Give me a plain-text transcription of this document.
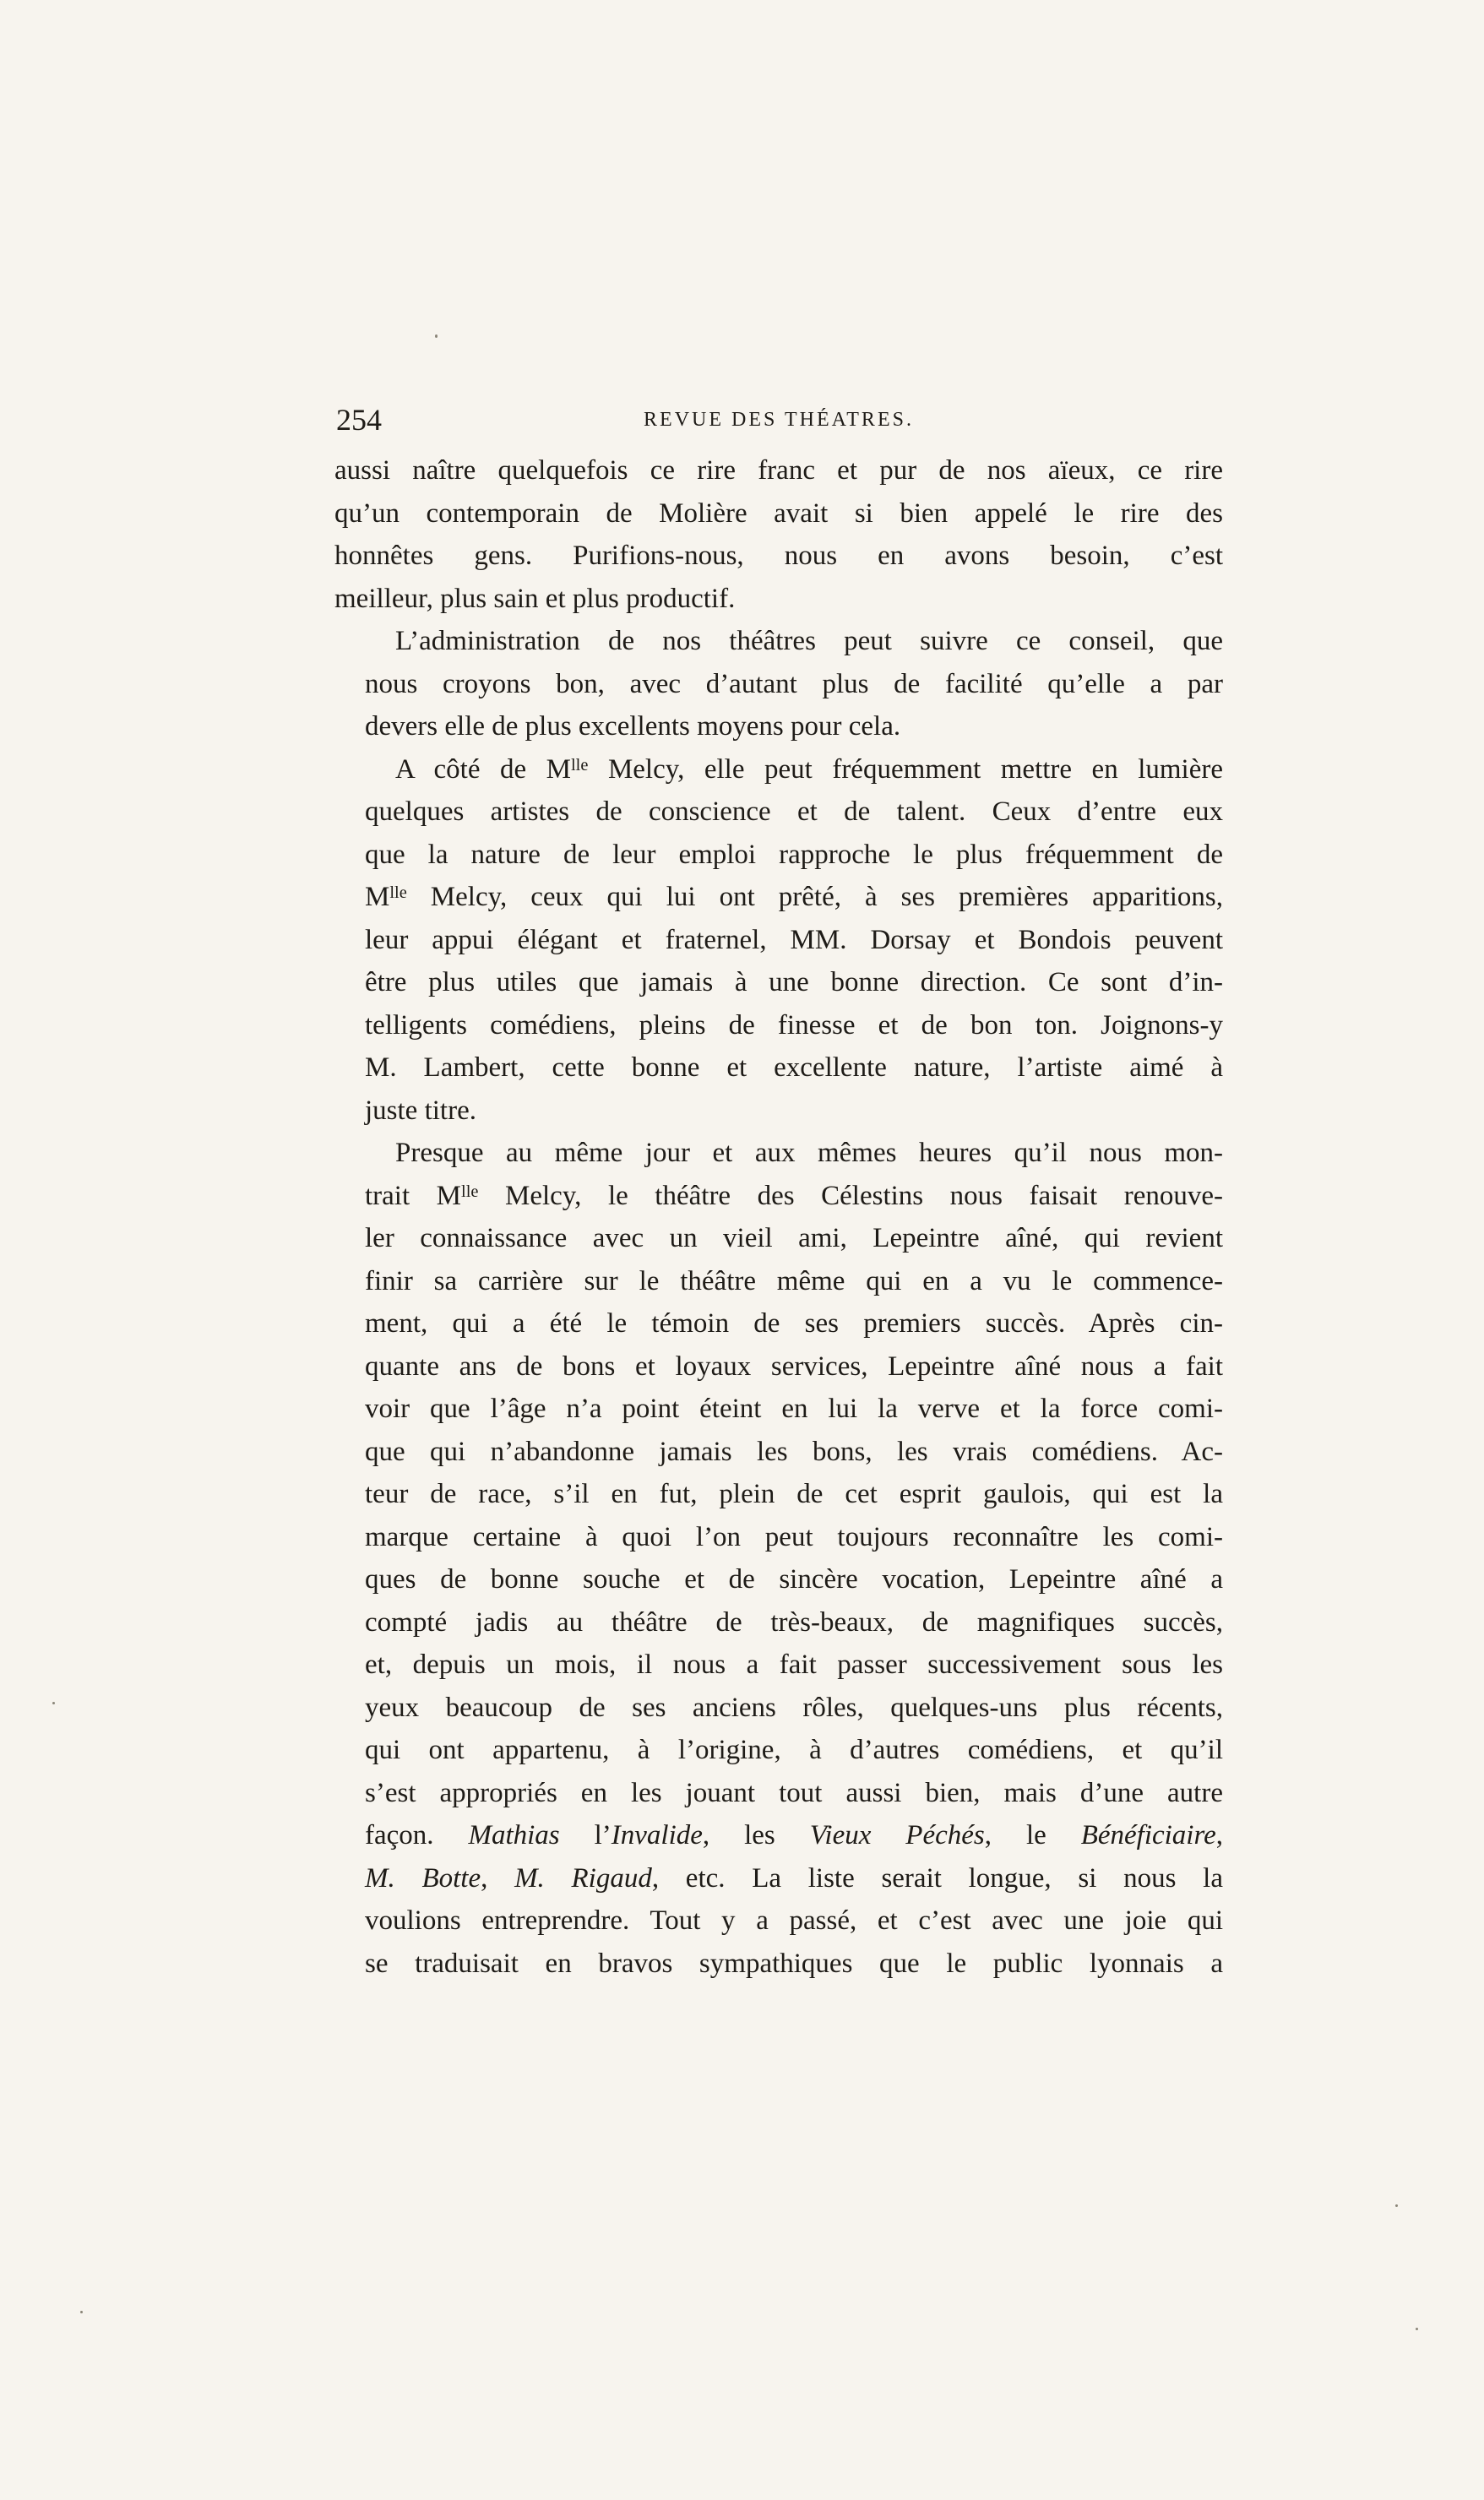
254	REVUE DES THÉATRES.

aussi naître quelquefois ce rire franc et pur de nos aïeux, ce rire
qu’un contemporain de Molière avait si bien appelé le rire des
honnêtes gens. Purifions-nous, nous en avons besoin, c’est
meilleur, plus sain et plus productif.

L’administration de nos théâtres peut suivre ce conseil, que
nous croyons bon, avec d’autant plus de facilité qu’elle a par
devers elle de plus excellents moyens pour cela.

A côté de $M^{lle}$ Melcy, elle peut fréquemment mettre en lumière
quelques artistes de conscience et de talent. Ceux d’entre eux
que la nature de leur emploi rapproche le plus fréquemment de
$M^{lle}$ Melcy, ceux qui lui ont prêté, à ses premières apparitions,
leur appui élégant et fraternel, MM. Dorsay et Bondois peuvent
être plus utiles que jamais à une bonne direction. Ce sont d’in-
telligents comédiens, pleins de finesse et de bon ton. Joignons-y
M. Lambert, cette bonne et excellente nature, l’artiste aimé à
juste titre.

Presque au même jour et aux mêmes heures qu’il nous mon-
trait $M^{lle}$ Melcy, le théâtre des Célestins nous faisait renouve-
ler connaissance avec un vieil ami, Lepeintre aîné, qui revient
finir sa carrière sur le théâtre même qui en a vu le commence-
ment, qui a été le témoin de ses premiers succès. Après cin-
quante ans de bons et loyaux services, Lepeintre aîné nous a fait
voir que l’âge n’a point éteint en lui la verve et la force comi-
que qui n’abandonne jamais les bons, les vrais comédiens. Ac-
teur de race, s’il en fut, plein de cet esprit gaulois, qui est la
marque certaine à quoi l’on peut toujours reconnaître les comi-
ques de bonne souche et de sincère vocation, Lepeintre aîné a
compté jadis au théâtre de très-beaux, de magnifiques succès,
et, depuis un mois, il nous a fait passer successivement sous les
yeux beaucoup de ses anciens rôles, quelques-uns plus récents,
qui ont appartenu, à l’origine, à d’autres comédiens, et qu’il
s’est appropriés en les jouant tout aussi bien, mais d’une autre
façon. Mathias l’Invalide, les Vieux Péchés, le Bénéficiaire,
M. Botte, M. Rigaud, etc. La liste serait longue, si nous la
voulions entreprendre. Tout y a passé, et c’est avec une joie qui
se traduisait en bravos sympathiques que le public lyonnais a
